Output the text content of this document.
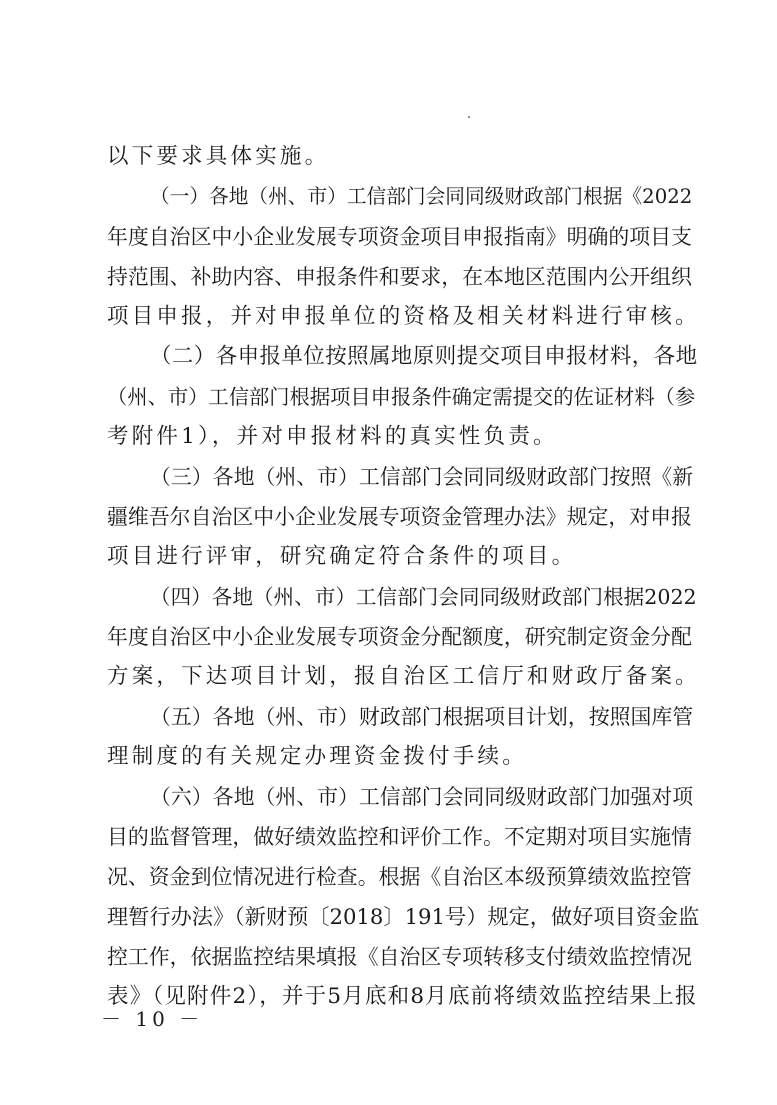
以下要求具体实施。
（一）各地（州、市）工信部门会同同级财政部门根据《2022
年度自治区中小企业发展专项资金项目申报指南》明确的项目支
持范围、补助内容、申报条件和要求，在本地区范围内公开组织
项目申报，并对申报单位的资格及相关材料进行审核。
（二）各申报单位按照属地原则提交项目申报材料，各地
（州、市）工信部门根据项目申报条件确定需提交的佐证材料（参
考附件1），并对申报材料的真实性负责。
（三）各地（州、市）工信部门会同同级财政部门按照《新
疆维吾尔自治区中小企业发展专项资金管理办法》规定，对申报
项目进行评审，研究确定符合条件的项目。
（四）各地（州、市）工信部门会同同级财政部门根据2022
年度自治区中小企业发展专项资金分配额度，研究制定资金分配
方案，下达项目计划，报自治区工信厅和财政厅备案。
（五）各地（州、市）财政部门根据项目计划，按照国库管
理制度的有关规定办理资金拨付手续。
（六）各地（州、市）工信部门会同同级财政部门加强对项
目的监督管理，做好绩效监控和评价工作。不定期对项目实施情
况、资金到位情况进行检查。根据《自治区本级预算绩效监控管
理暂行办法》（新财预〔2018〕191号）规定，做好项目资金监
控工作，依据监控结果填报《自治区专项转移支付绩效监控情况
表》（见附件2），并于5月底和8月底前将绩效监控结果上报
－ 10 －
